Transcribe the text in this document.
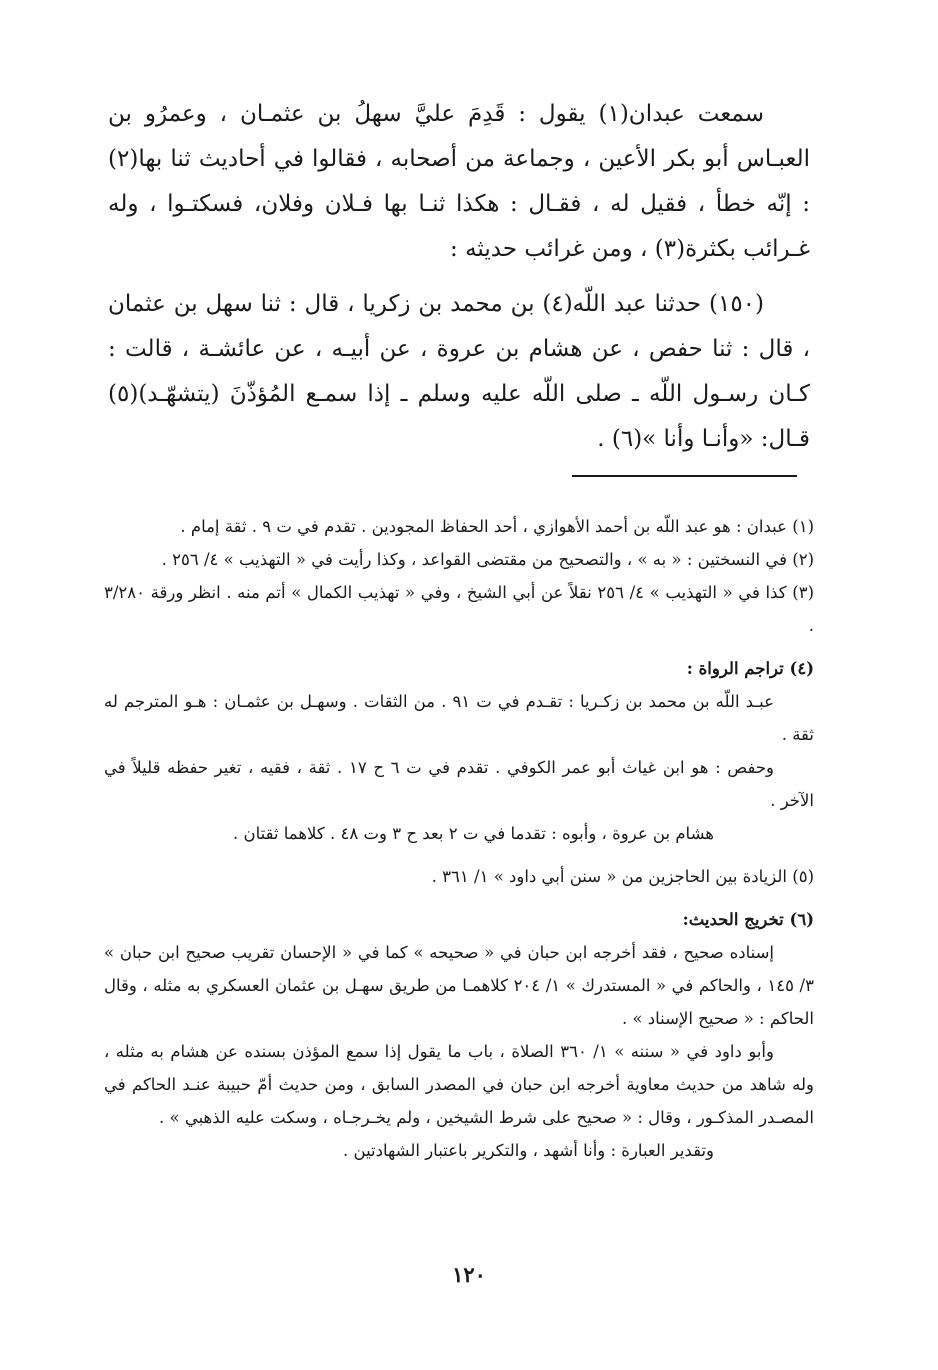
سمعت عبدان(١) يقول : قَدِمَ عليَّ سهلُ بن عثمـان ، وعمرُو بن العبـاس أبو بكر الأعين ، وجماعة من أصحابه ، فقالوا في أحاديث ثنا بها(٢) : إنّه خطأ ، فقيل له ، فقـال : هكذا ثنـا بها فـلان وفلان، فسكتـوا ، وله غـرائب بكثرة(٣) ، ومن غرائب حديثه :

(١٥٠) حدثنا عبد اللّه(٤) بن محمد بن زكريا ، قال : ثنا سهل بن عثمان ، قال : ثنا حفص ، عن هشام بن عروة ، عن أبيـه ، عن عائشـة ، قالت : كـان رسـول اللّه ـ صلى اللّه عليه وسلم ـ إذا سمـع المُؤذّنَ (يتشهّـد)(٥) قـال: «وأنـا وأنا »(٦) .

(١) عبدان : هو عبد اللّه بن أحمد الأهوازي ، أحد الحفاظ المجودين . تقدم في ت ٩ . ثقة إمام .

(٢) في النسختين : « به » ، والتصحيح من مقتضى القواعد ، وكذا رأيت في « التهذيب » ٤/ ٢٥٦ .

(٣) كذا في « التهذيب » ٤/ ٢٥٦ نقلاً عن أبي الشيخ ، وفي « تهذيب الكمال » أتم منه . انظر ورقة ٣/٢٨٠ .

(٤) تراجم الرواة :

عبـد اللّه بن محمد بن زكـريا : تقـدم في ت ٩١ . من الثقات . وسهـل بن عثمـان : هـو المترجم له ثقة .

وحفص : هو ابن غياث أبو عمر الكوفي . تقدم في ت ٦ ح ١٧ . ثقة ، فقيه ، تغير حفظه قليلاً في الآخر .

هشام بن عروة ، وأبوه : تقدما في ت ٢ بعد ح ٣ وت ٤٨ . كلاهما ثقتان .

(٥) الزيادة بين الحاجزين من « سنن أبي داود » ١/ ٣٦١ .

(٦) تخريج الحديث:

إسناده صحيح ، فقد أخرجه ابن حبان في « صحيحه » كما في « الإحسان تقريب صحيح ابن حبان » ٣/ ١٤٥ ، والحاكم في « المستدرك » ١/ ٢٠٤ كلاهمـا من طريق سهـل بن عثمان العسكري به مثله ، وقال الحاكم : « صحيح الإسناد » .

وأبو داود في « سننه » ١/ ٣٦٠ الصلاة ، باب ما يقول إذا سمع المؤذن بسنده عن هشام به مثله ، وله شاهد من حديث معاوية أخرجه ابن حبان في المصدر السابق ، ومن حديث أمّ حبيبة عنـد الحاكم في المصـدر المذكـور ، وقال : « صحيح على شرط الشيخين ، ولم يخـرجـاه ، وسكت عليه الذهبي » .

وتقدير العبارة : وأنا أشهد ، والتكرير باعتبار الشهادتين .

١٢٠
